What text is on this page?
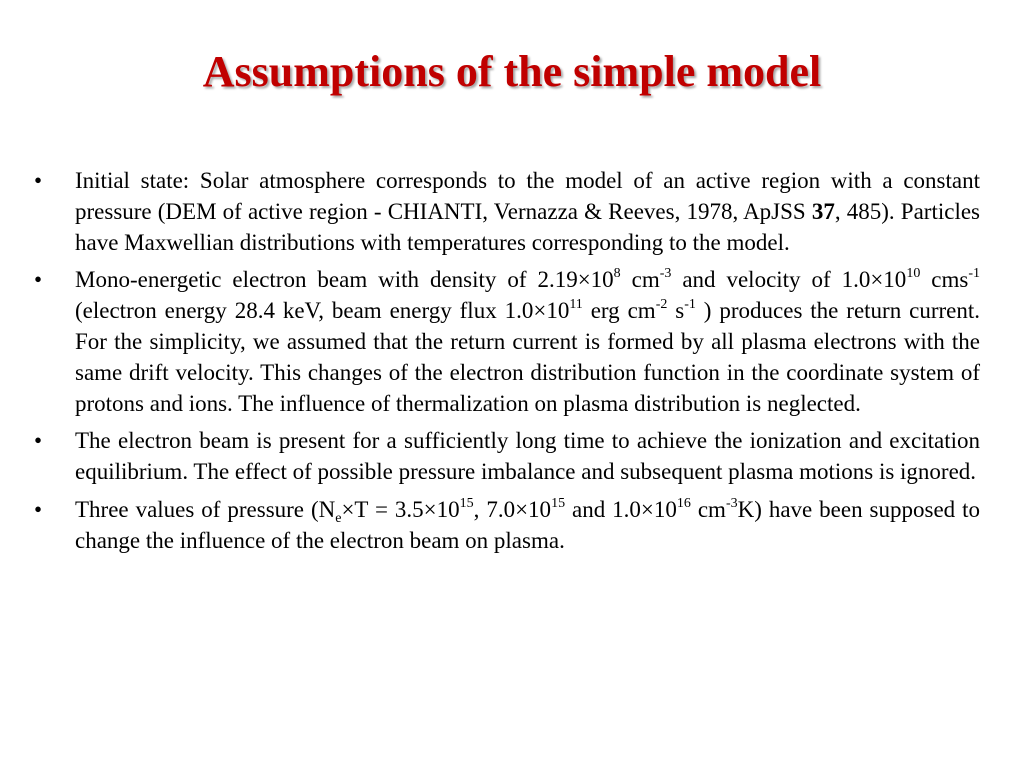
Assumptions of the simple model
• Initial state: Solar atmosphere corresponds to the model of an active region with a constant pressure (DEM of active region - CHIANTI, Vernazza & Reeves, 1978, ApJSS 37, 485). Particles have Maxwellian distributions with temperatures corresponding to the model.
• Mono-energetic electron beam with density of $2.19\times 10^8$ $cm^{-3}$ and velocity of $1.0\times 10^{10}$ cms$^{-1}$ (electron energy 28.4 keV, beam energy flux $1.0\times 10^{11}$ erg $cm^{-2}$ $s^{-1}$ ) produces the return current. For the simplicity, we assumed that the return current is formed by all plasma electrons with the same drift velocity. This changes of the electron distribution function in the coordinate system of protons and ions. The influence of thermalization on plasma distribution is neglected.
• The electron beam is present for a sufficiently long time to achieve the ionization and excitation equilibrium. The effect of possible pressure imbalance and subsequent plasma motions is ignored.
• Three values of pressure ($N_e\times T = 3.5\times 10^{15}$, $7.0\times 10^{15}$ and $1.0\times 10^{16}$ $cm^{-3}K$) have been supposed to change the influence of the electron beam on plasma.
